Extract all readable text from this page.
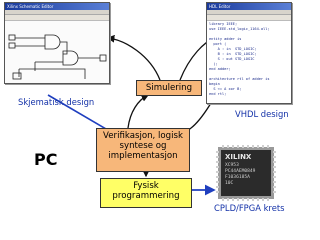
Xilinx Schematic Editor	HDL Editor
library IEEE;
use IEEE.std_logic_1164.all;

entity adder is
port (
A : in  STD_LOGIC;
B : in  STD_LOGIC;
S : out STD_LOGIC
);
end adder;

architecture rtl of adder is
begin
S <= A xor B;
end rtl;
Simulering
Verifikasjon, logisk
syntese og
implementasjon
Fysisk
programmering
Skjematisk design
VHDL design
PC
CPLD/FPGA krets
XILINX
XC953
PC44AEM0849
F1036185A
10C
